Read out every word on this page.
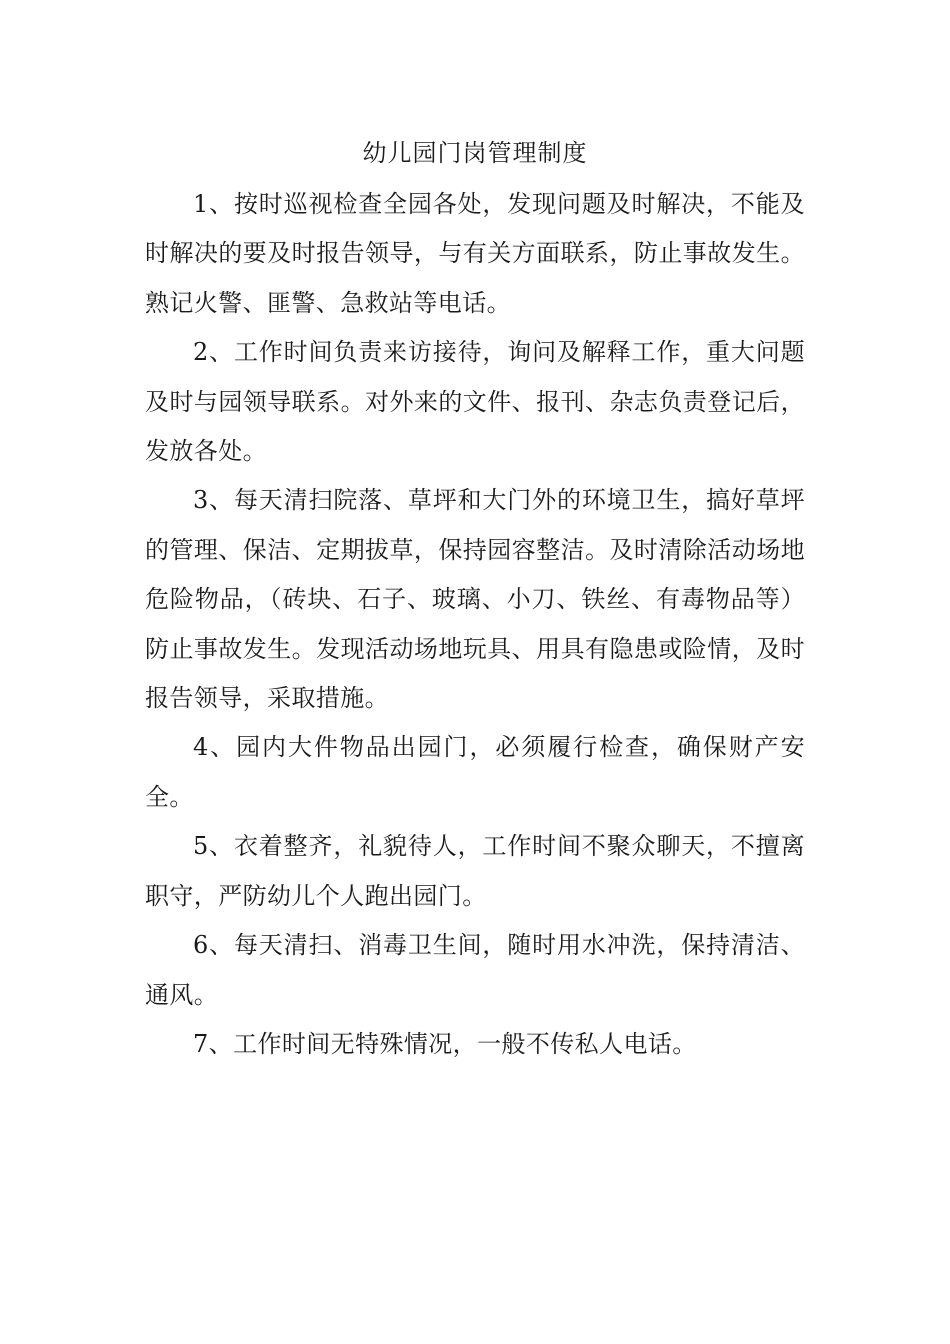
幼儿园门岗管理制度

1、按时巡视检查全园各处，发现问题及时解决，不能及时解决的要及时报告领导，与有关方面联系，防止事故发生。熟记火警、匪警、急救站等电话。

2、工作时间负责来访接待，询问及解释工作，重大问题及时与园领导联系。对外来的文件、报刊、杂志负责登记后，发放各处。

3、每天清扫院落、草坪和大门外的环境卫生，搞好草坪的管理、保洁、定期拔草，保持园容整洁。及时清除活动场地危险物品，（砖块、石子、玻璃、小刀、铁丝、有毒物品等）防止事故发生。发现活动场地玩具、用具有隐患或险情，及时报告领导，采取措施。

4、园内大件物品出园门，必须履行检查，确保财产安全。

5、衣着整齐，礼貌待人，工作时间不聚众聊天，不擅离职守，严防幼儿个人跑出园门。

6、每天清扫、消毒卫生间，随时用水冲洗，保持清洁、通风。

7、工作时间无特殊情况，一般不传私人电话。
